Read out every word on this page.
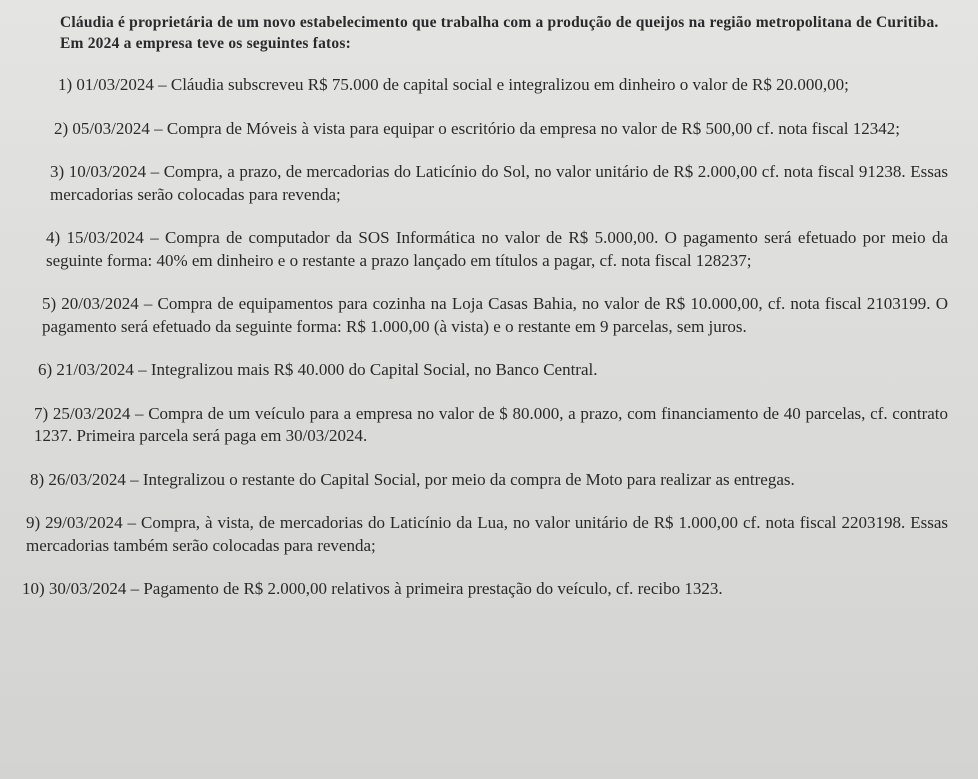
Cláudia é proprietária de um novo estabelecimento que trabalha com a produção de queijos na região metropolitana de Curitiba. Em 2024 a empresa teve os seguintes fatos:

1) 01/03/2024 – Cláudia subscreveu R$ 75.000 de capital social e integralizou em dinheiro o valor de R$ 20.000,00;

2) 05/03/2024 – Compra de Móveis à vista para equipar o escritório da empresa no valor de R$ 500,00 cf. nota fiscal 12342;

3) 10/03/2024 – Compra, a prazo, de mercadorias do Laticínio do Sol, no valor unitário de R$ 2.000,00 cf. nota fiscal 91238. Essas mercadorias serão colocadas para revenda;

4) 15/03/2024 – Compra de computador da SOS Informática no valor de R$ 5.000,00. O pagamento será efetuado por meio da seguinte forma: 40% em dinheiro e o restante a prazo lançado em títulos a pagar, cf. nota fiscal 128237;

5) 20/03/2024 – Compra de equipamentos para cozinha na Loja Casas Bahia, no valor de R$ 10.000,00, cf. nota fiscal 2103199. O pagamento será efetuado da seguinte forma: R$ 1.000,00 (à vista) e o restante em 9 parcelas, sem juros.

6) 21/03/2024 – Integralizou mais R$ 40.000 do Capital Social, no Banco Central.

7) 25/03/2024 – Compra de um veículo para a empresa no valor de $ 80.000, a prazo, com financiamento de 40 parcelas, cf. contrato 1237. Primeira parcela será paga em 30/03/2024.

8) 26/03/2024 – Integralizou o restante do Capital Social, por meio da compra de Moto para realizar as entregas.

9) 29/03/2024 – Compra, à vista, de mercadorias do Laticínio da Lua, no valor unitário de R$ 1.000,00 cf. nota fiscal 2203198. Essas mercadorias também serão colocadas para revenda;

10) 30/03/2024 – Pagamento de R$ 2.000,00 relativos à primeira prestação do veículo, cf. recibo 1323.
